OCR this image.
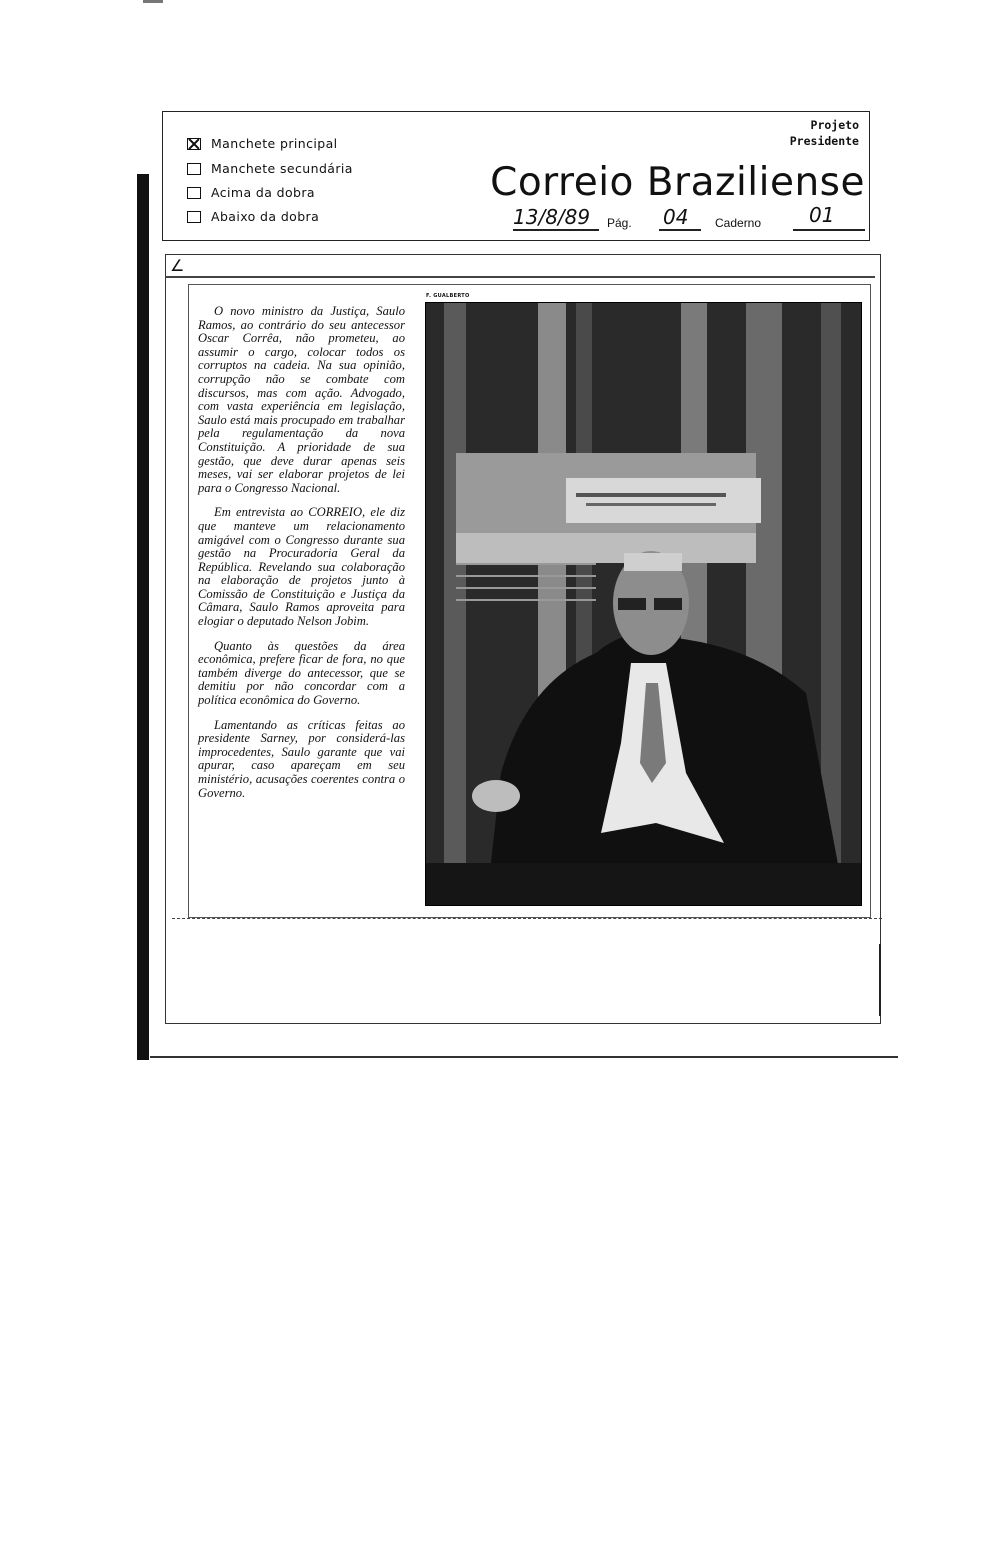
Manchete principal
Manchete secundária
Acima da dobra
Abaixo da dobra
Projeto
Presidente
Correio Braziliense
13/8/89 Pág. 04 Caderno 01
∠

O novo ministro da Justiça, Saulo Ramos, ao contrário do seu antecessor Oscar Corrêa, não prometeu, ao assumir o cargo, colocar todos os corruptos na cadeia. Na sua opinião, corrupção não se combate com discursos, mas com ação. Advogado, com vasta experiência em legislação, Saulo está mais procupado em trabalhar pela regulamentação da nova Constituição. A prioridade de sua gestão, que deve durar apenas seis meses, vai ser elaborar projetos de lei para o Congresso Nacional.

Em entrevista ao CORREIO, ele diz que manteve um relacionamento amigável com o Congresso durante sua gestão na Procuradoria Geral da República. Revelando sua colaboração na elaboração de projetos junto à Comissão de Constituição e Justiça da Câmara, Saulo Ramos aproveita para elogiar o deputado Nelson Jobim.

Quanto às questões da área econômica, prefere ficar de fora, no que também diverge do antecessor, que se demitiu por não concordar com a política econômica do Governo.

Lamentando as críticas feitas ao presidente Sarney, por considerá-las improcedentes, Saulo garante que vai apurar, caso apareçam em seu ministério, acusações coerentes contra o Governo.

F. GUALBERTO
